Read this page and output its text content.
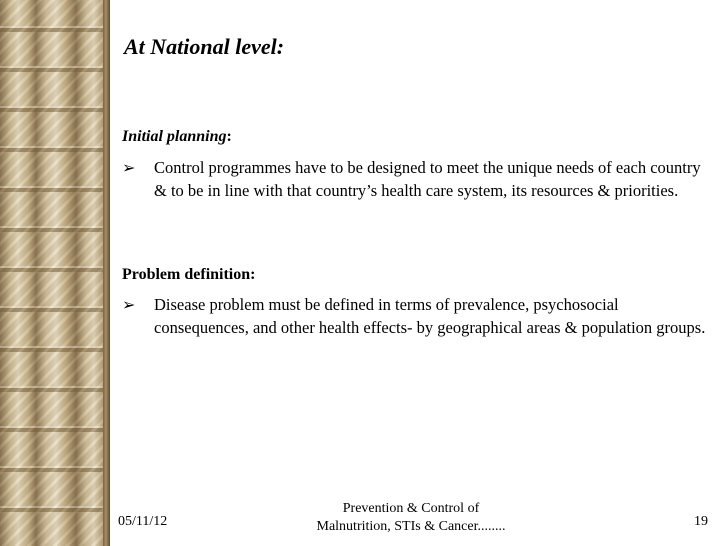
At National level:
Initial planning:
➢	Control programmes have to be designed to meet the unique needs of each country & to be in line with that country’s health care system, its resources & priorities.
Problem definition:
➢	Disease problem must be defined in terms of prevalence, psychosocial consequences, and other health effects- by geographical areas & population groups.
05/11/12
Prevention & Control of
Malnutrition, STIs & Cancer........	19
